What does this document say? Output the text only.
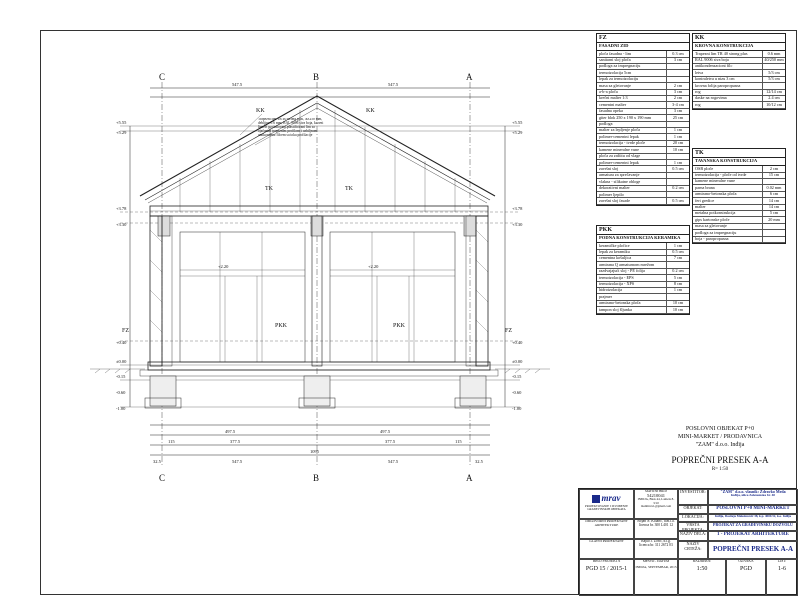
C	B	A
C	B	A
547.5	547.5
497.5	497.5
377.5	377.5
1095
547.5	547.5
115	115
32.5	32.5
+5.55
+5.29
+3.78
+3.30
+0.40
±0.00
-0.15
-0.60
-1.00
+5.55
+5.29
+3.78
+3.30
+0.40
±0.00
-0.15
-0.60
-1.00
+2.20	+2.20
KK	KK
TK	TK
PKK	PKK
FZ	FZ
Trapezni lim TR 40 strong plus, 40/250 mm, debljine 0.6 mm, RAL 9006 siva boja, krovni limovi pocinkovani plastificirani lim sa ojačanim trapeznim profilom i ozbiljnom antikondenz filcem sa toka profilacije
FZ
FASADNI ZID
ploča fasadna - lim	0.3 cm
sanitarni sloj ploča	3 cm
podloga za impregnaciju
termoizolacija 5cm
lepak za termoizolaciju
masa za gletovanje	2 cm
a-b-a ploča	3 cm
krečni malter 1:3	2 cm
cementni malter	3-4 cm
fasadna opeka	3 cm
giter blok 250 x 190 x 190 mm	25 cm
podloga
malter za lepljenje ploča	1 cm
polimer-cementni lepak	1 cm
termoizolacija - tvrde ploče	20 cm
kamene mineralne vune	10 cm
ploča za zaštitu od vlage
polimer-cementni lepak	1 cm
završni sloj	0.5 cm
armatura za sprečavanje
vlakna - silikatne obloge
dekorativni malter	0.2 cm
polimer ljepilo
završni sloj fasade	0.5 cm
KK
KROVNA KONSTRUKCIJA
Trapezni lim TR 40 strong plus	0.6 mm
RAL 9006 siva boja	40/250 mm
antikondenzacioni filc
letva	5/3 cm
kontraletva u nizu 3 cm	5/3 cm
krovna folija paropropusna
rog	12/14 cm
daske na rogovima	2.4 cm
rog	10/12 cm
TK
TAVANSKA KONSTRUKCIJA
OSB ploče	2 cm
termoizolacija - ploče od tvrde	15 cm
kamene mineralne vune
parna brana	0.02 mm
armirano-betonska ploča	6 cm
fert gredice	14 cm
malter	14 cm
metalna potkonstrukcija	5 cm
gips kartonske ploče	20 mm
masa za gletovanje
podloga za impregnaciju
boja - paropropusna
PKK
PODNA KONSTRUKCIJA KERAMIKA
keramičke pločice	1 cm
lepak za keramiku	0.5 cm
cementna košuljica	7 cm
armirana Q armaturnom mrežom
razdvajajući sloj - PE folija	0.2 cm
termoizolacija - EPS	5 cm
termoizolacija - XPS	8 cm
hidroizolacija	1 cm
prajmer
armirano-betonska ploča	10 cm
tampon sloj šljunka	10 cm
POSLOVNI OBJEKAT P+0
MINI-MARKET / PRODAVNICA
"ZAM" d.o.o. Inđija
POPREČNI PRESEK A-A
R= 1:50
mrav
PROJEKTOVANJE I IZVOĐENJE GRAĐEVINSKIH OBJEKATA
MATIČNI BROJ
54210041
INĐIJA, Blok 44, Lamela 8-3/10
mailmrav1@gmail.com
INVESTITOR:	"ZAM" d.o.o. vlasnik: Zdravko Mrda
Inđija, ulica Zeletomska br. 40
OBJEKAT:	POSLOVNI P+0 MINI-MARKET
LOKACIJA:	Inđija, Dositeja Maksimović 38, k.p. 4004/12, k.o. Inđija
ODGOVORNI PROJEKTANT ARHITEKTURE
Bojan N. Kolarić, d.m.i.a.
licenca br. 300 L401 12
GLAVNI PROJEKTANT	Rajko J. Zorić, d.i.g.
licenca br. 311 2672 03
VRSTA PROJEKTA:
PROJEKAT ZA GRAĐEVINSKU DOZVOLU
NAZIV DELA:	1 - PROJEKAT ARHITEKTURE
NAZIV CRTEŽA:	POPREČNI PRESEK A-A
BROJ PROJEKTA
PGD 15 / 2015-1
MESTO - DATUM
INĐIJA, SEPTEMBAR, 2015
RAZMERA:
1:50
OZNAKA
PGD
LIST:
1-6
